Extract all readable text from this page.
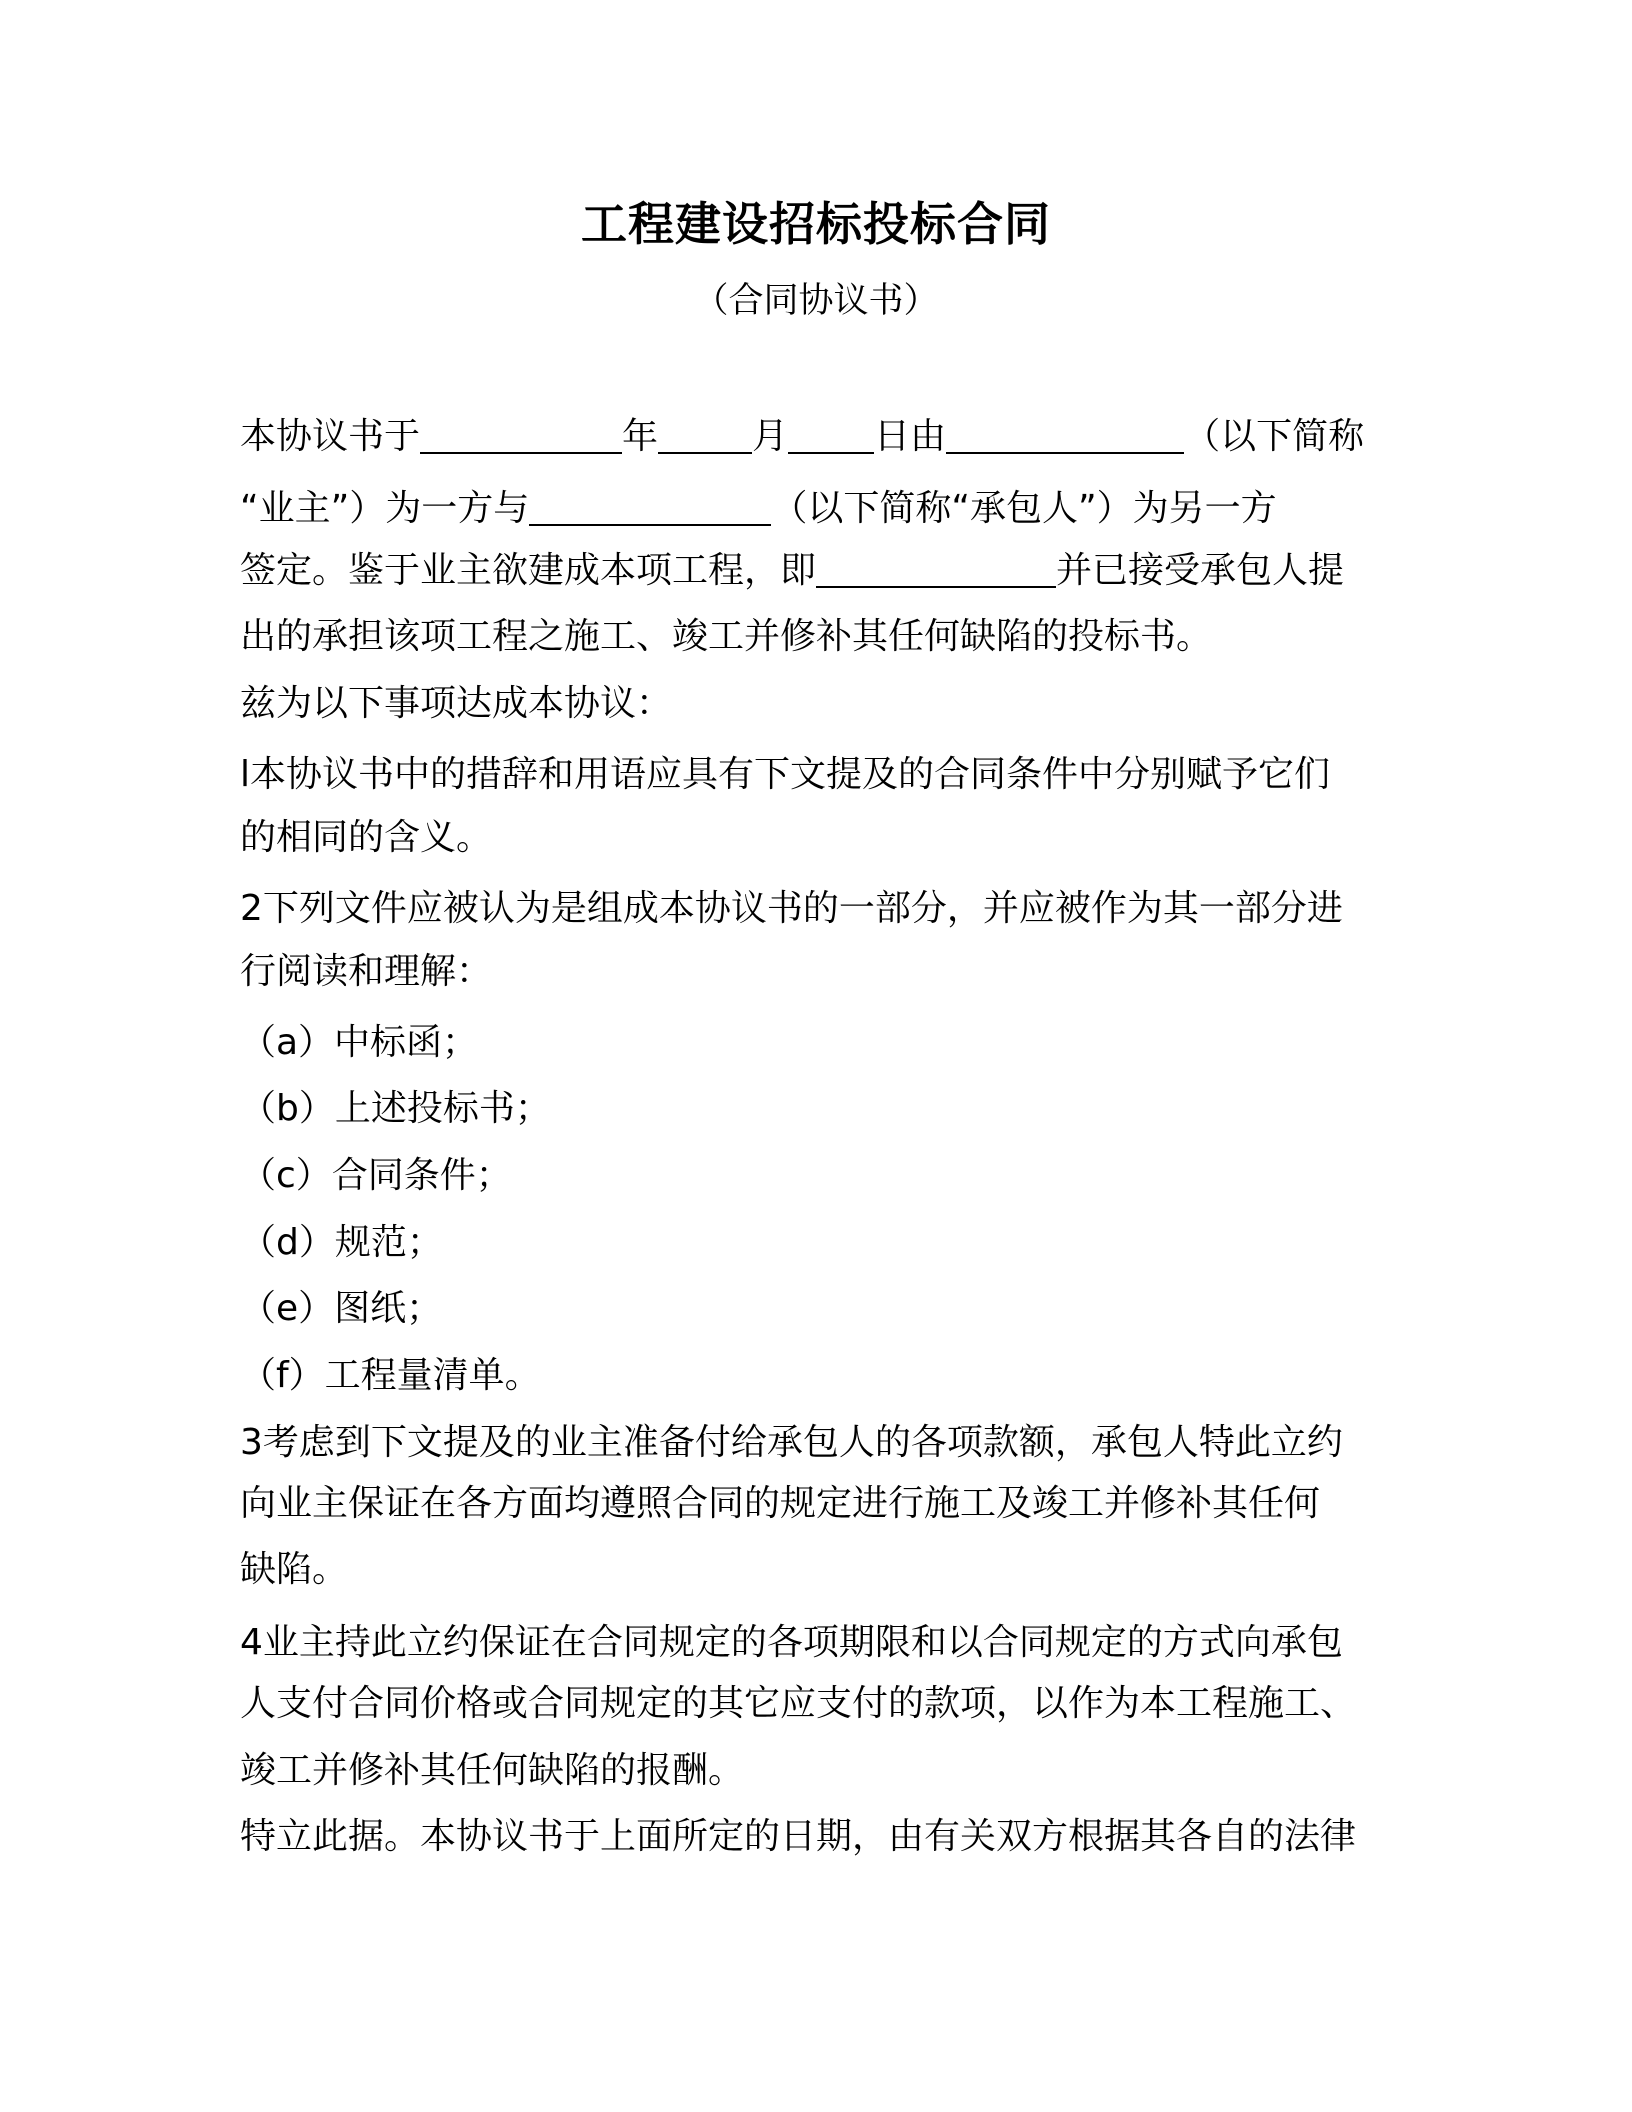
工程建设招标投标合同
（合同协议书）
本协议书于	年	月 日由	（以下简称
“业主”）为一方与	（以下简称“承包人”）为另一方
签定。鉴于业主欲建成本项工程，即	并已接受承包人提
出的承担该项工程之施工、竣工并修补其任何缺陷的投标书。
兹为以下事项达成本协议：
l本协议书中的措辞和用语应具有下文提及的合同条件中分别赋予它们
的相同的含义。
2下列文件应被认为是组成本协议书的一部分，并应被作为其一部分进
行阅读和理解：
（a）中标函；
（b）上述投标书；
（c）合同条件；
（d）规范；
（e）图纸；
（f）工程量清单。
3考虑到下文提及的业主准备付给承包人的各项款额，承包人特此立约
向业主保证在各方面均遵照合同的规定进行施工及竣工并修补其任何
缺陷。
4业主持此立约保证在合同规定的各项期限和以合同规定的方式向承包
人支付合同价格或合同规定的其它应支付的款项，以作为本工程施工、
竣工并修补其任何缺陷的报酬。
特立此据。本协议书于上面所定的日期，由有关双方根据其各自的法律
